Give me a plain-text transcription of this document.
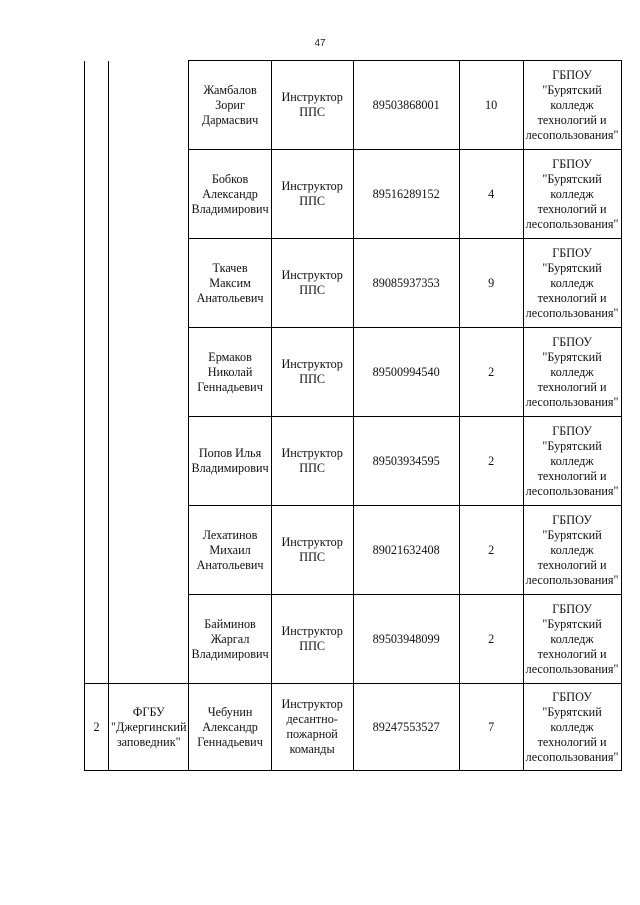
47
		Жамбалов Зориг Дармасвич	Инструктор ППС	89503868001	10	ГБПОУ "Бурятский колледж технологий и лесопользования"
		Бобков Александр Владимирович	Инструктор ППС	89516289152	4	ГБПОУ "Бурятский колледж технологий и лесопользования"
		Ткачев Максим Анатольевич	Инструктор ППС	89085937353	9	ГБПОУ "Бурятский колледж технологий и лесопользования"
		Ермаков Николай Геннадьевич	Инструктор ППС	89500994540	2	ГБПОУ "Бурятский колледж технологий и лесопользования"
		Попов Илья Владимирович	Инструктор ППС	89503934595	2	ГБПОУ "Бурятский колледж технологий и лесопользования"
		Лехатинов Михаил Анатольевич	Инструктор ППС	89021632408	2	ГБПОУ "Бурятский колледж технологий и лесопользования"
		Байминов Жаргал Владимирович	Инструктор ППС	89503948099	2	ГБПОУ "Бурятский колледж технологий и лесопользования"
2	ФГБУ "Джергинский заповедник"	Чебунин Александр Геннадьевич	Инструктор десантно-пожарной команды	89247553527	7	ГБПОУ "Бурятский колледж технологий и лесопользования"
